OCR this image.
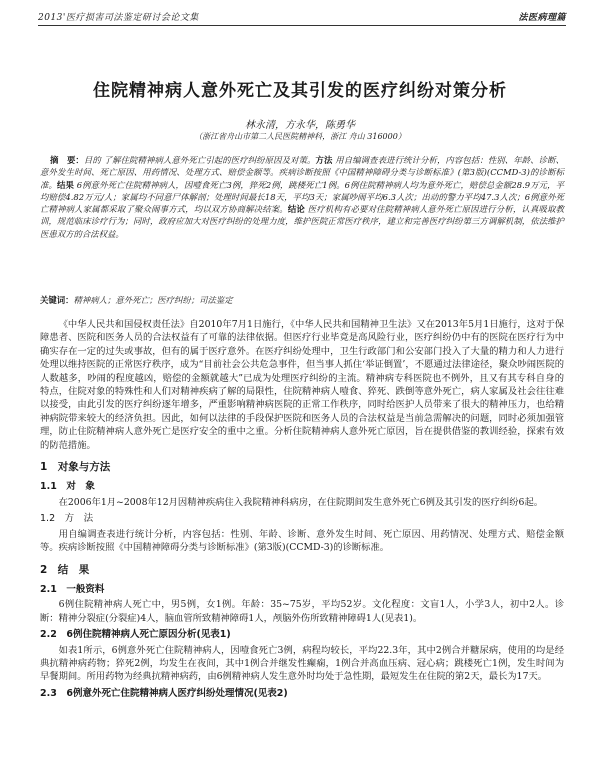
2013'医疗损害司法鉴定研讨会论文集	法医病理篇
住院精神病人意外死亡及其引发的医疗纠纷对策分析
林永清，方永华，陈勇华
（浙江省舟山市第二人民医院精神科，浙江 舟山 316000）
摘　要：目的 了解住院精神病人意外死亡引起的医疗纠纷原因及对策。方法 用自编调查表进行统计分析，内容包括：性别、年龄、诊断、意外发生时间、死亡原因、用药情况、处理方式、赔偿金额等。疾病诊断按照《中国精神障碍分类与诊断标准》(第3版)(CCMD-3)的诊断标准。结果 6例意外死亡住院精神病人，因噎食死亡3例，猝死2例，跳楼死亡1例。6例住院精神病人均为意外死亡，赔偿总金额28.9万元，平均赔偿4.82万元/人；家属均不同意尸体解剖；处理时间最长18天，平均3天；家属吵闹平均6.3人次；出动的警力平均47.3人次；6例意外死亡精神病人家属都采取了聚众闹事方式，均以双方协商解决结案。结论 医疗机构有必要对住院精神病人意外死亡原因进行分析，认真吸取教训，规范临床诊疗行为；同时，政府应加大对医疗纠纷的处理力度，维护医院正常医疗秩序，建立和完善医疗纠纷第三方调解机制，依法维护医患双方的合法权益。
关键词：精神病人；意外死亡；医疗纠纷；司法鉴定

《中华人民共和国侵权责任法》自2010年7月1日施行，《中华人民共和国精神卫生法》又在2013年5月1日施行，这对于保障患者、医院和医务人员的合法权益有了可靠的法律依据。但医疗行业毕竟是高风险行业，医疗纠纷仍中有的医院在医疗行为中确实存在一定的过失或事故，但有的属于医疗意外。在医疗纠纷处理中，卫生行政部门和公安部门投入了大量的精力和人力进行处理以维持医院的正常医疗秩序，成为“目前社会公共危急事件，但当事人抓住‘举证倒置’，不愿通过法律途径，聚众吵闹医院的人数越多，吵闹的程度越凶，赔偿的金额就越大”已成为处理医疗纠纷的主流。精神病专科医院也不例外，且又有其专科自身的特点，住院对象的特殊性和人们对精神疾病了解的局限性，住院精神病人噎食、猝死、跌倒等意外死亡，病人家属及社会往往难以接受，由此引发的医疗纠纷逐年增多，严重影响精神病医院的正常工作秩序，同时给医护人员带来了很大的精神压力，也给精神病院带来较大的经济负担。因此，如何以法律的手段保护医院和医务人员的合法权益是当前急需解决的问题，同时必须加强管理，防止住院精神病人意外死亡是医疗安全的重中之重。分析住院精神病人意外死亡原因，旨在提供借鉴的教训经验，探索有效的防范措施。

1　对象与方法
1.1　对　象

在2006年1月~2008年12月因精神疾病住入我院精神科病房，在住院期间发生意外死亡6例及其引发的医疗纠纷6起。

1.2　方　法

用自编调查表进行统计分析，内容包括：性别、年龄、诊断、意外发生时间、死亡原因、用药情况、处理方式、赔偿金额等。疾病诊断按照《中国精神障碍分类与诊断标准》(第3版)(CCMD-3)的诊断标准。

2　结　果
2.1　一般资料

6例住院精神病人死亡中，男5例，女1例。年龄：35~75岁，平均52岁。文化程度：文盲1人，小学3人，初中2人。诊断：精神分裂症(分裂症)4人，脑血管所致精神障碍1人，颅脑外伤所致精神障碍1人(见表1)。

2.2　6例住院精神病人死亡原因分析(见表1)

如表1所示，6例意外死亡住院精神病人，因噎食死亡3例，病程均较长，平均22.3年，其中2例合并糖尿病，使用的均是经典抗精神病药物；猝死2例，均发生在夜间，其中1例合并继发性癫痫，1例合并高血压病、冠心病；跳楼死亡1例，发生时间为早餐期间。所用药物为经典抗精神病药，由6例精神病人发生意外时均处于急性期，最短发生在住院的第2天，最长为17天。

2.3　6例意外死亡住院精神病人医疗纠纷处理情况(见表2)
